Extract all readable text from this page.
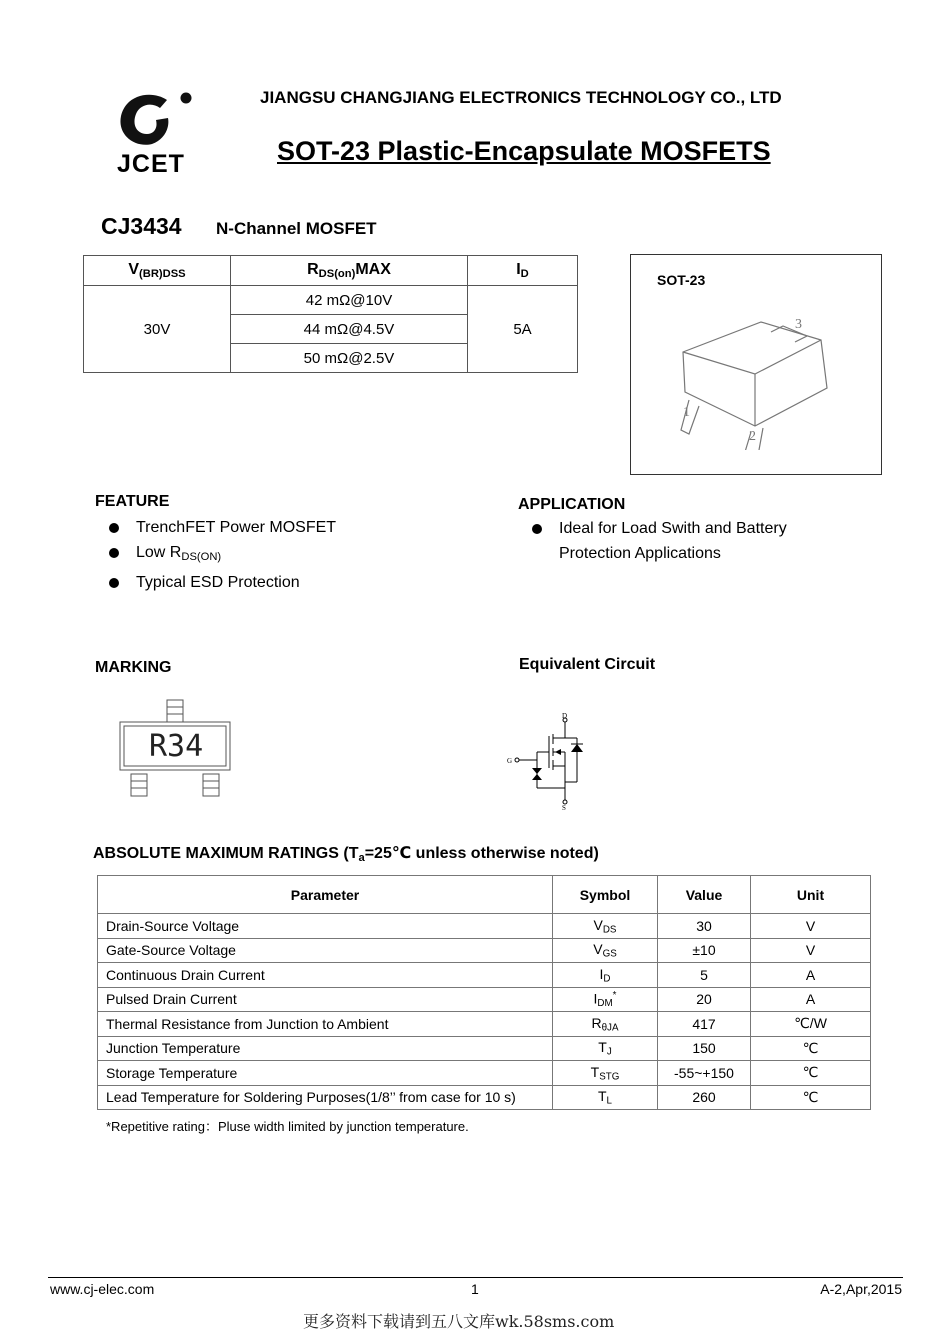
JCET
JIANGSU CHANGJIANG ELECTRONICS TECHNOLOGY CO., LTD
SOT-23 Plastic-Encapsulate MOSFETS
CJ3434 N-Channel MOSFET
$V_{(BR)DSS}$	$R_{DS(on)}MAX$	$I_D$
30V	42 mΩ@10V	5A
	44 mΩ@4.5V	
	50 mΩ@2.5V	
SOT-23
3
1
2
FEATURE
TrenchFET Power MOSFET
Low $R_{DS(ON)}$
Typical ESD Protection
APPLICATION
Ideal for Load Swith and Battery
Protection Applications
MARKING
R34
Equivalent Circuit
D
G
S
ABSOLUTE MAXIMUM RATINGS ($T_a=25℃$ unless otherwise noted)
Parameter	Symbol	Value	Unit
Drain-Source Voltage	$V_{DS}$	30	V
Gate-Source Voltage	$V_{GS}$	±10	V
Continuous Drain Current	$I_D$	5	A
Pulsed Drain Current	$I_{DM}^*$	20	A
Thermal Resistance from Junction to Ambient	$R_{\theta JA}$	417	℃/W
Junction Temperature	$T_J$	150	℃
Storage Temperature	$T_{STG}$	-55~+150	℃
Lead Temperature for Soldering Purposes(1/8’’ from case for 10 s)	$T_L$	260	℃
*Repetitive rating：Pluse width limited by junction temperature.
www.cj-elec.com	1	A-2,Apr,2015
更多资料下载请到五八文库wk.58sms.com
